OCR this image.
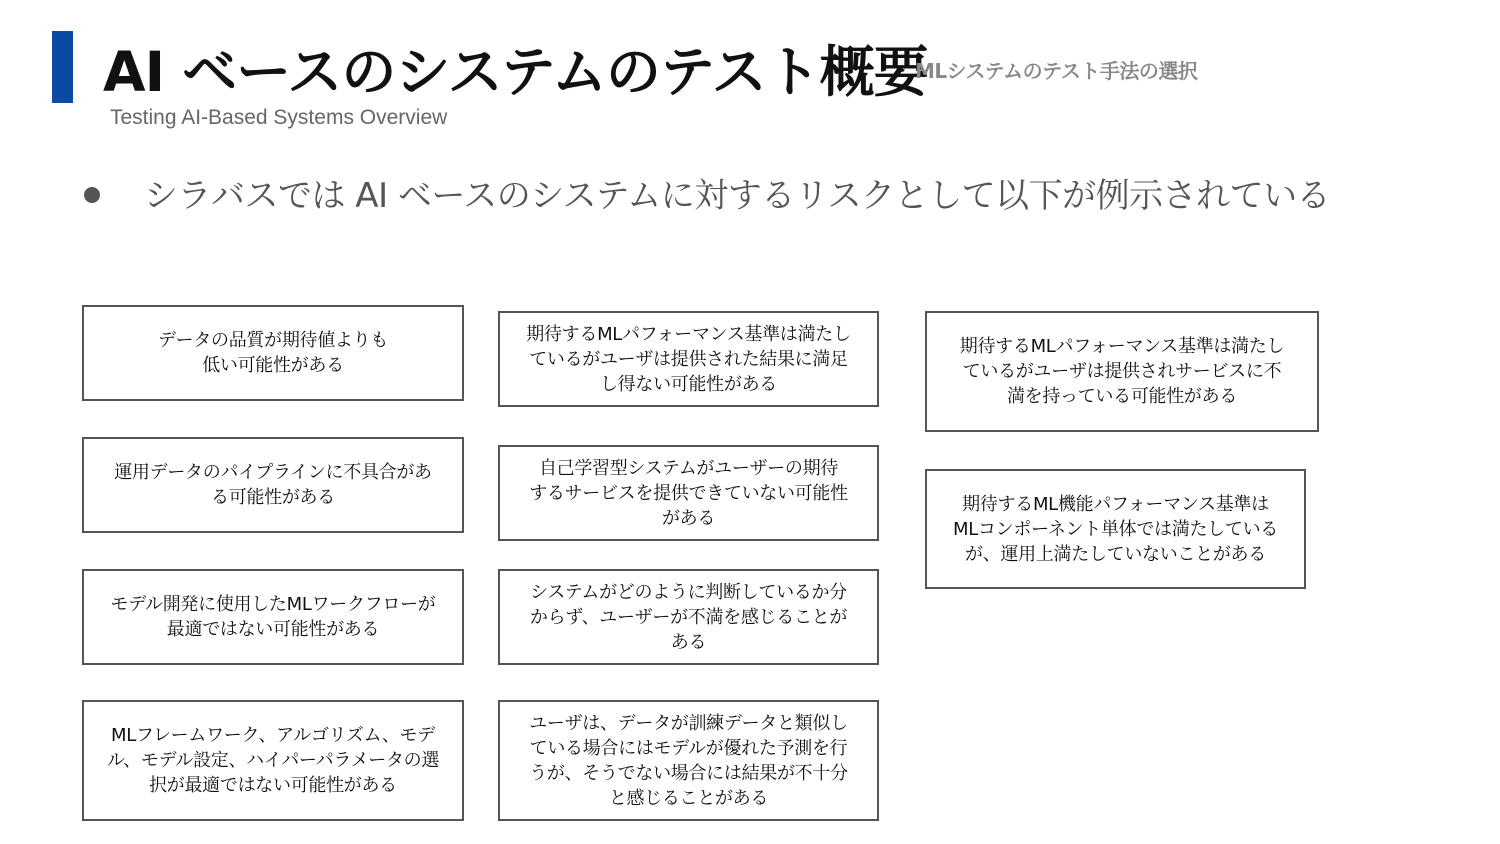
AI ベースのシステムのテスト概要
Testing AI-Based Systems Overview
MLシステムのテスト手法の選択
シラバスでは AI ベースのシステムに対するリスクとして以下が例示されている
データの品質が期待値よりも
低い可能性がある
期待するMLパフォーマンス基準は満たし
ているがユーザは提供された結果に満足
し得ない可能性がある
期待するMLパフォーマンス基準は満たし
ているがユーザは提供されサービスに不
満を持っている可能性がある
運用データのパイプラインに不具合があ
る可能性がある
自己学習型システムがユーザーの期待
するサービスを提供できていない可能性
がある
期待するML機能パフォーマンス基準は
MLコンポーネント単体では満たしている
が、運用上満たしていないことがある
モデル開発に使用したMLワークフローが
最適ではない可能性がある
システムがどのように判断しているか分
からず、ユーザーが不満を感じることが
ある
MLフレームワーク、アルゴリズム、モデ
ル、モデル設定、ハイパーパラメータの選
択が最適ではない可能性がある
ユーザは、データが訓練データと類似し
ている場合にはモデルが優れた予測を行
うが、そうでない場合には結果が不十分
と感じることがある
